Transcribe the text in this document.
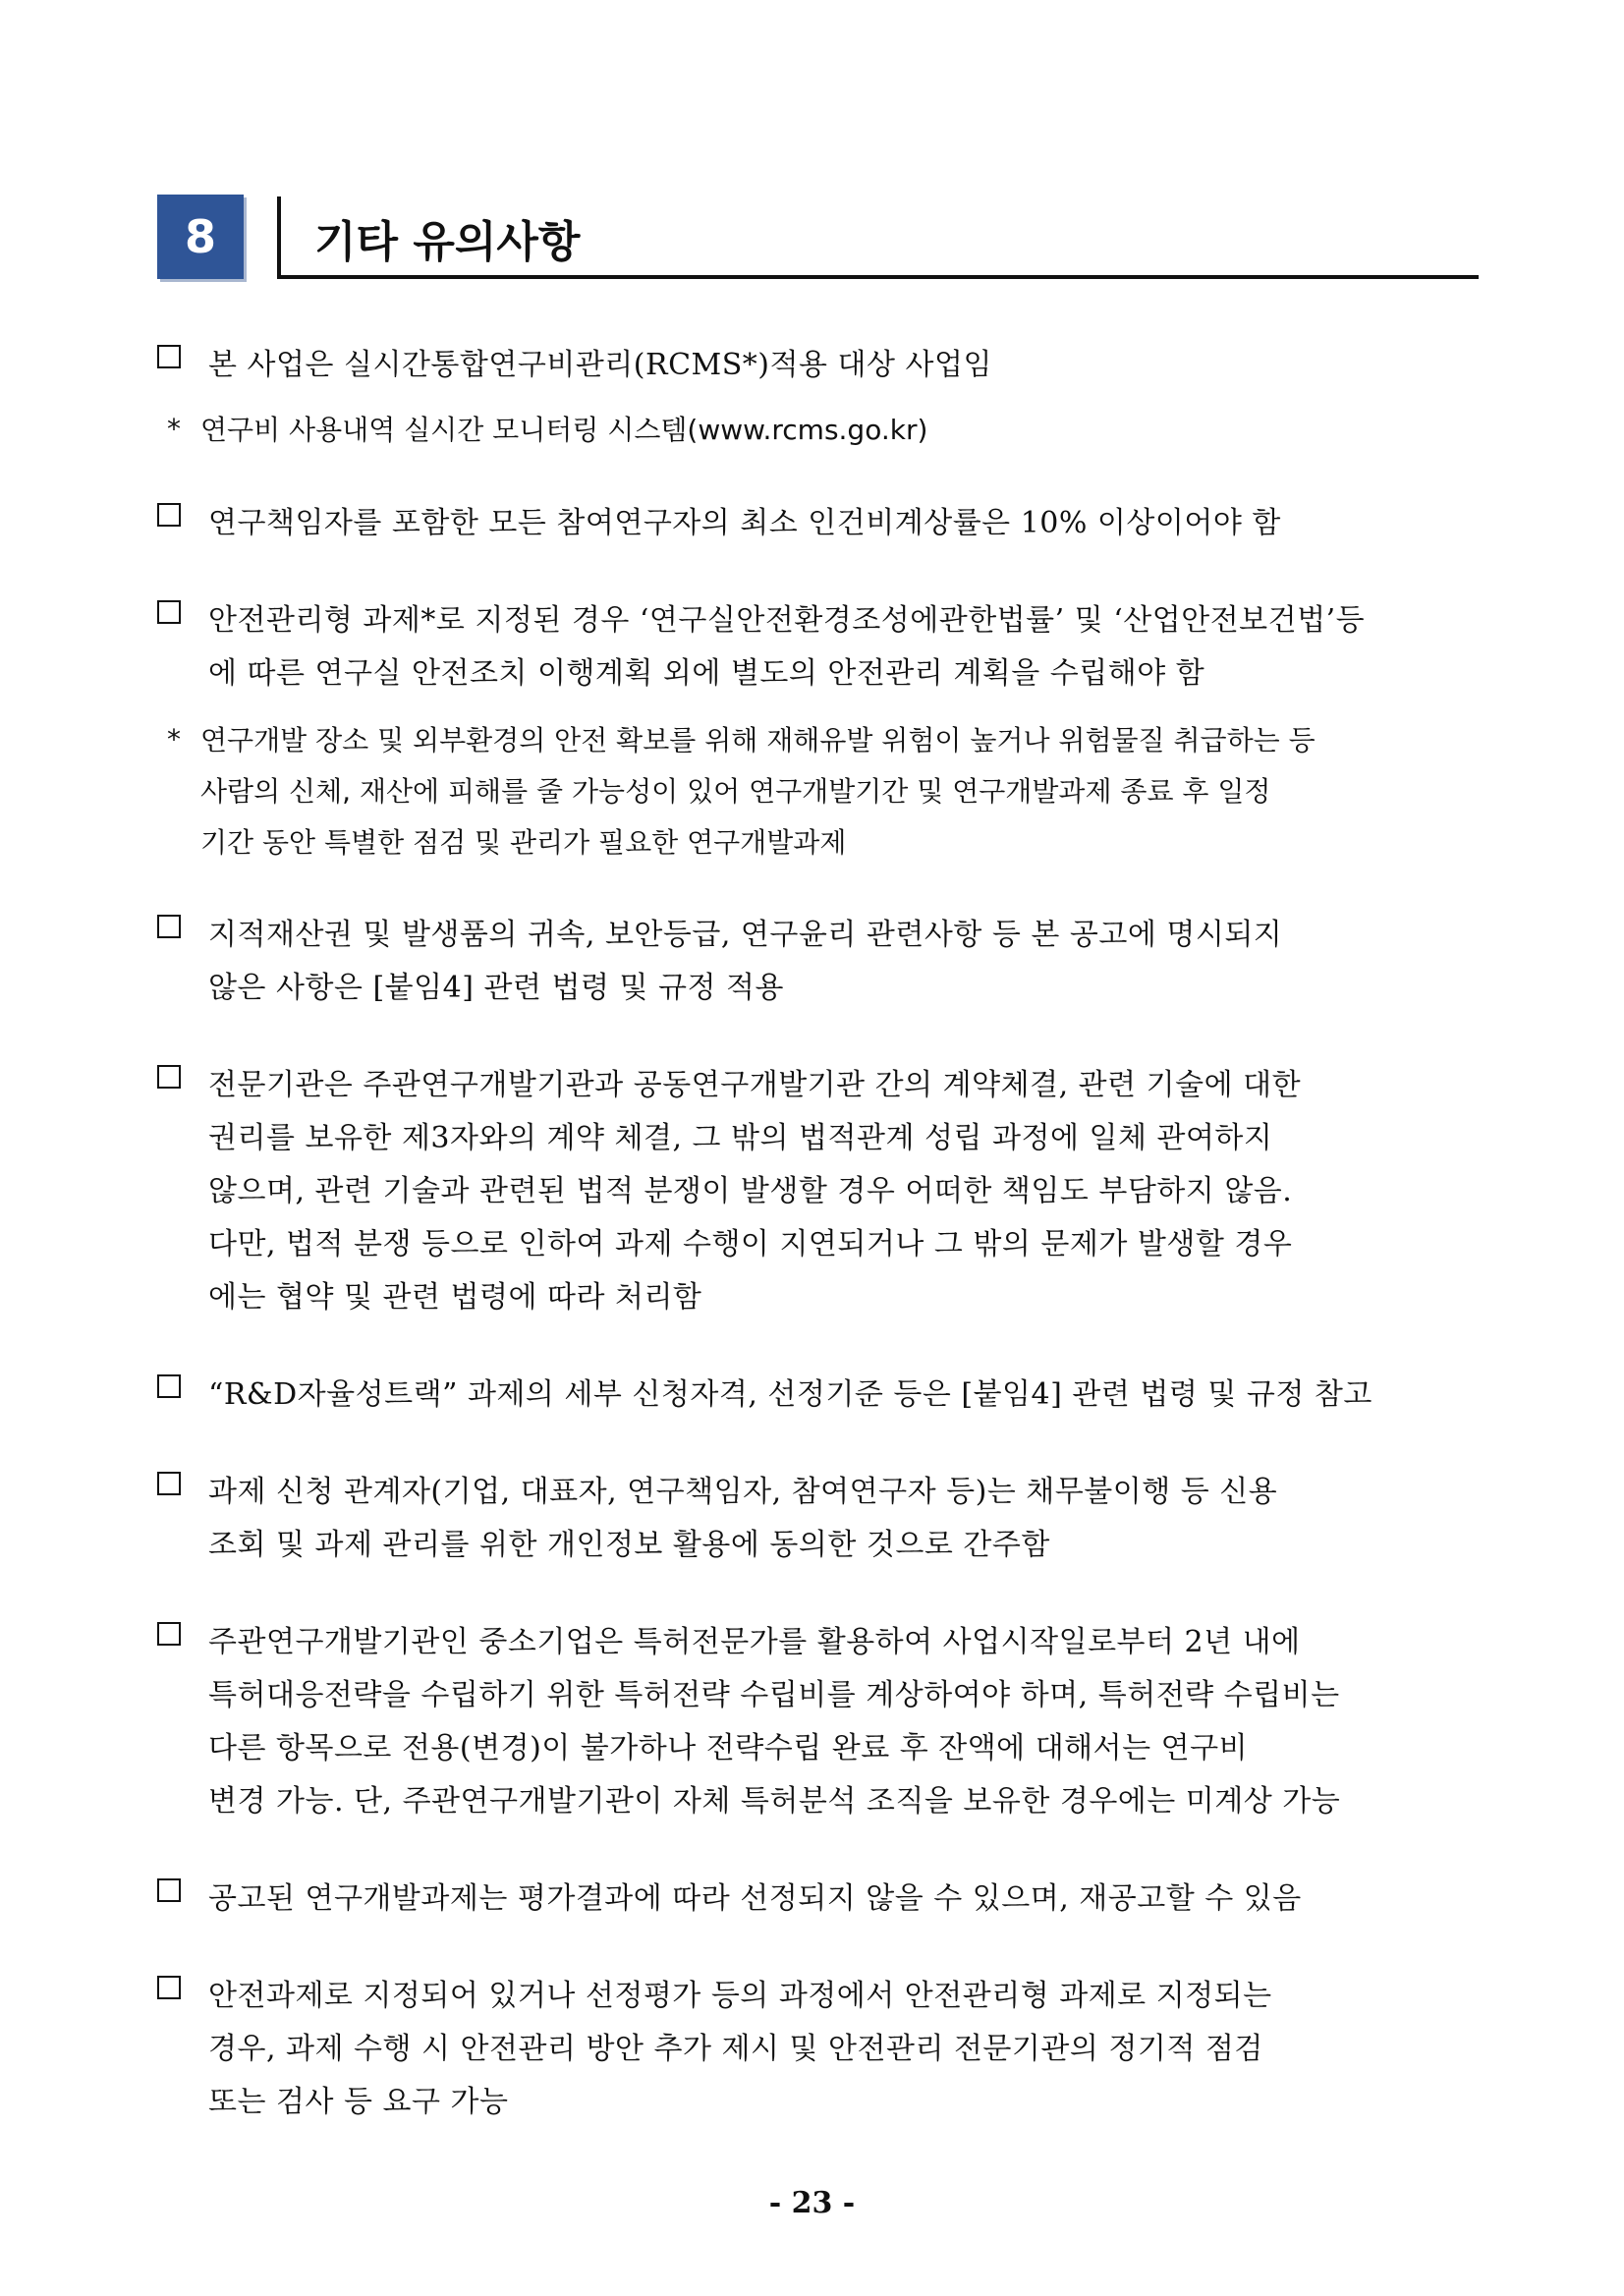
8	기타 유의사항
본 사업은 실시간통합연구비관리(RCMS*)적용 대상 사업임
* 연구비 사용내역 실시간 모니터링 시스템(www.rcms.go.kr)
연구책임자를 포함한 모든 참여연구자의 최소 인건비계상률은 10% 이상이어야 함
안전관리형 과제*로 지정된 경우 ‘연구실안전환경조성에관한법률’ 및 ‘산업안전보건법’등
에 따른 연구실 안전조치 이행계획 외에 별도의 안전관리 계획을 수립해야 함
* 연구개발 장소 및 외부환경의 안전 확보를 위해 재해유발 위험이 높거나 위험물질 취급하는 등
사람의 신체, 재산에 피해를 줄 가능성이 있어 연구개발기간 및 연구개발과제 종료 후 일정
기간 동안 특별한 점검 및 관리가 필요한 연구개발과제
지적재산권 및 발생품의 귀속, 보안등급, 연구윤리 관련사항 등 본 공고에 명시되지
않은 사항은 [붙임4] 관련 법령 및 규정 적용
전문기관은 주관연구개발기관과 공동연구개발기관 간의 계약체결, 관련 기술에 대한
권리를 보유한 제3자와의 계약 체결, 그 밖의 법적관계 성립 과정에 일체 관여하지
않으며, 관련 기술과 관련된 법적 분쟁이 발생할 경우 어떠한 책임도 부담하지 않음.
다만, 법적 분쟁 등으로 인하여 과제 수행이 지연되거나 그 밖의 문제가 발생할 경우
에는 협약 및 관련 법령에 따라 처리함
“R&D자율성트랙” 과제의 세부 신청자격, 선정기준 등은 [붙임4] 관련 법령 및 규정 참고
과제 신청 관계자(기업, 대표자, 연구책임자, 참여연구자 등)는 채무불이행 등 신용
조회 및 과제 관리를 위한 개인정보 활용에 동의한 것으로 간주함
주관연구개발기관인 중소기업은 특허전문가를 활용하여 사업시작일로부터 2년 내에
특허대응전략을 수립하기 위한 특허전략 수립비를 계상하여야 하며, 특허전략 수립비는
다른 항목으로 전용(변경)이 불가하나 전략수립 완료 후 잔액에 대해서는 연구비
변경 가능. 단, 주관연구개발기관이 자체 특허분석 조직을 보유한 경우에는 미계상 가능
공고된 연구개발과제는 평가결과에 따라 선정되지 않을 수 있으며, 재공고할 수 있음
안전과제로 지정되어 있거나 선정평가 등의 과정에서 안전관리형 과제로 지정되는
경우, 과제 수행 시 안전관리 방안 추가 제시 및 안전관리 전문기관의 정기적 점검
또는 검사 등 요구 가능
- 23 -
